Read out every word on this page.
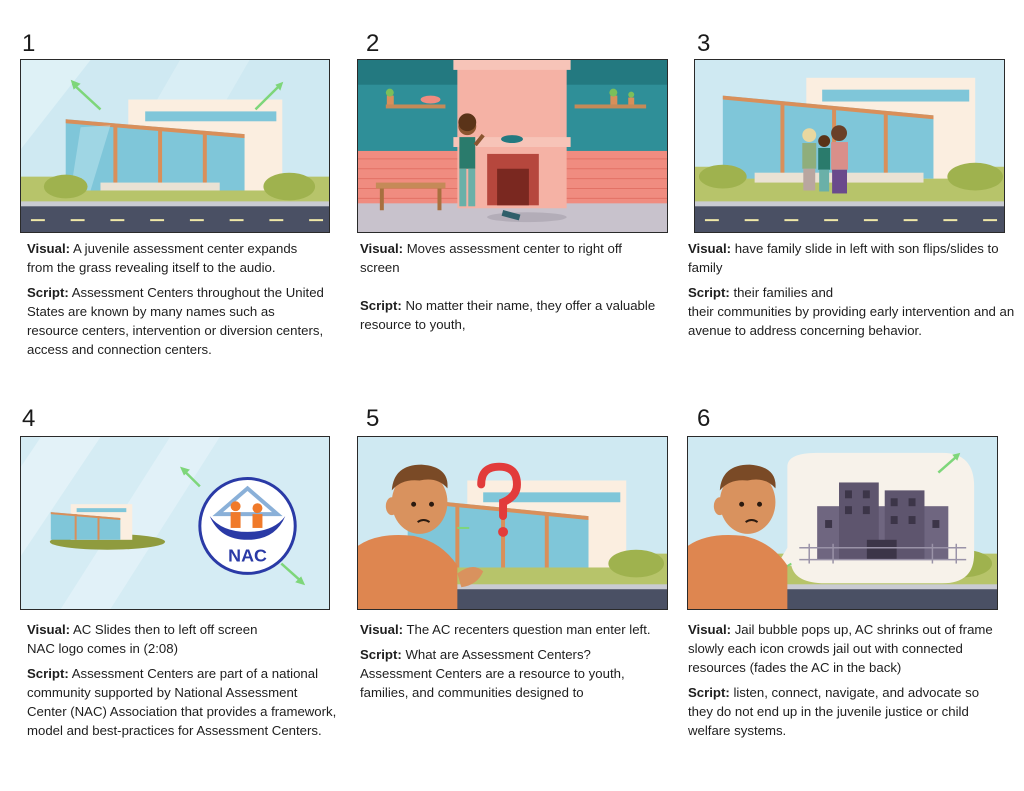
1	2	3

Visual: A juvenile assessment center expands from the grass revealing itself to the audio.

Script: Assessment Centers throughout the United States are known by many names such as resource centers, intervention or diversion centers, access and connection centers.

Visual: Moves assessment center to right off screen

Script: No matter their name, they offer a valuable resource to youth,

Visual: have family slide in left with son flips/slides to family

Script: their families and
their communities by providing early intervention and an avenue to address concerning behavior.

4	5	6
NAC

Visual: AC Slides then to left off screen
NAC logo comes in (2:08)

Script: Assessment Centers are part of a national community supported by National Assessment Center (NAC) Association that provides a framework, model and best-practices for Assessment Centers.

Visual: The AC recenters question man enter left.

Script: What are Assessment Centers? Assessment Centers are a resource to youth, families, and communities designed to

Visual: Jail bubble pops up, AC shrinks out of frame slowly each icon crowds jail out with connected resources (fades the AC in the back)

Script: listen, connect, navigate, and advocate so they do not end up in the juvenile justice or child welfare systems.
